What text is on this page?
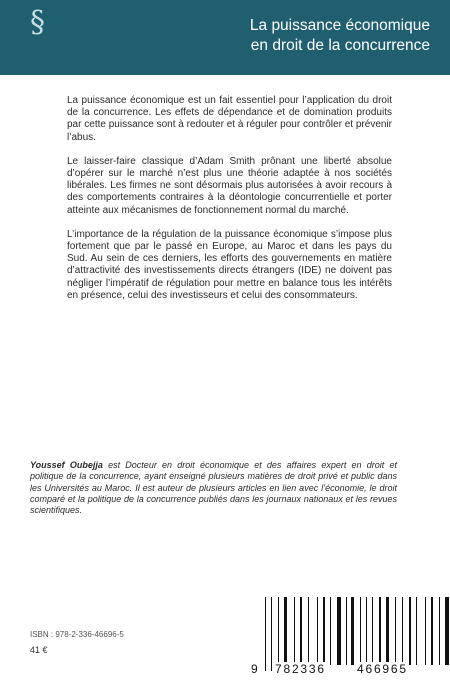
§	La puissance économique
en droit de la concurrence

La puissance économique est un fait essentiel pour l’application du droit de la concurrence. Les effets de dépendance et de domination produits par cette puissance sont à redouter et à réguler pour contrôler et prévenir l’abus.

Le laisser-faire classique d’Adam Smith prônant une liberté absolue d’opérer sur le marché n’est plus une théorie adaptée à nos sociétés libérales. Les firmes ne sont désormais plus autorisées à avoir recours à des comportements contraires à la déontologie concurrentielle et porter atteinte aux mécanismes de fonctionnement normal du marché.

L’importance de la régulation de la puissance économique s’impose plus fortement que par le passé en Europe, au Maroc et dans les pays du Sud. Au sein de ces derniers, les efforts des gouvernements en matière d’attractivité des investissements directs étrangers (IDE) ne doivent pas négliger l’impératif de régulation pour mettre en balance tous les intérêts en présence, celui des investisseurs et celui des consommateurs.

Youssef Oubejja est Docteur en droit économique et des affaires expert en droit et politique de la concurrence, ayant enseigné plusieurs matières de droit privé et public dans les Universités au Maroc. Il est auteur de plusieurs articles en lien avec l’économie, le droit comparé et la politique de la concurrence publiés dans les journaux nationaux et les revues scientifiques.
ISBN : 978-2-336-46696-5
41 €
9 782336	466965
